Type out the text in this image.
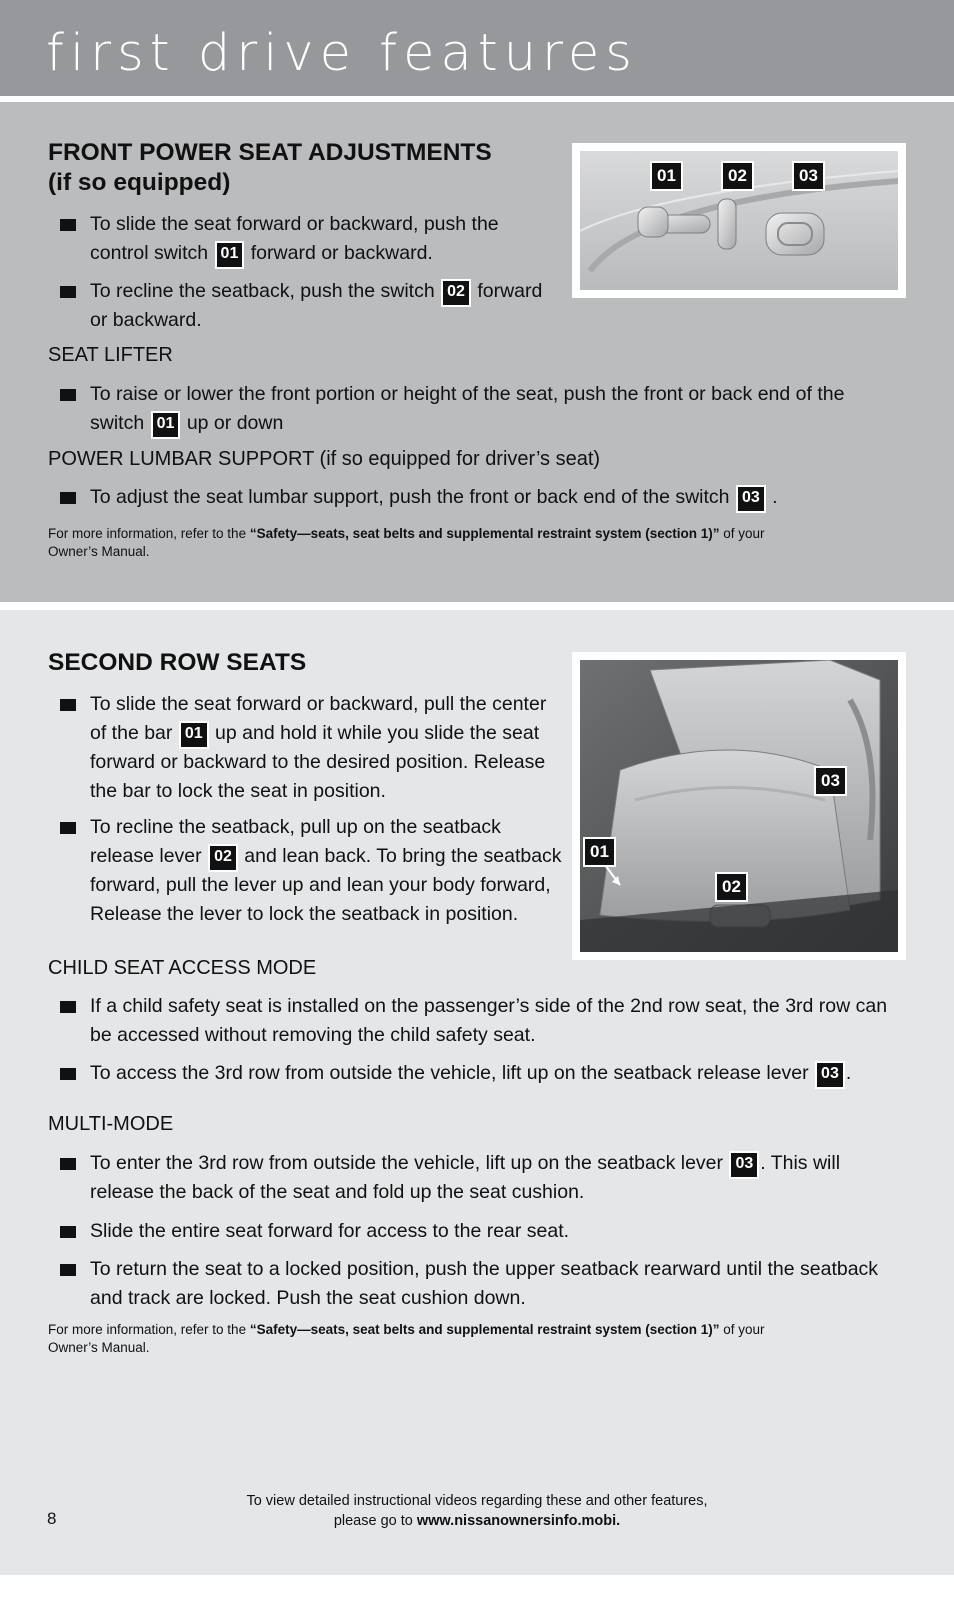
first drive features
FRONT POWER SEAT ADJUSTMENTS
(if so equipped)
To slide the seat forward or backward, push the
control switch 01 forward or backward.
To recline the seatback, push the switch 02 forward
or backward.
01	02	03
SEAT LIFTER
To raise or lower the front portion or height of the seat, push the front or back end of the
switch 01 up or down
POWER LUMBAR SUPPORT (if so equipped for driver’s seat)
To adjust the seat lumbar support, push the front or back end of the switch 03 .
For more information, refer to the “Safety—seats, seat belts and supplemental restraint system (section 1)” of your
Owner’s Manual.
SECOND ROW SEATS
To slide the seat forward or backward, pull the center
of the bar 01 up and hold it while you slide the seat
forward or backward to the desired position. Release
the bar to lock the seat in position.
To recline the seatback, pull up on the seatback
release lever 02 and lean back. To bring the seatback
forward, pull the lever up and lean your body forward,
Release the lever to lock the seatback in position.
03
01
02
CHILD SEAT ACCESS MODE
If a child safety seat is installed on the passenger’s side of the 2nd row seat, the 3rd row can
be accessed without removing the child safety seat.
To access the 3rd row from outside the vehicle, lift up on the seatback release lever 03 .
MULTI-MODE
To enter the 3rd row from outside the vehicle, lift up on the seatback lever 03 . This will
release the back of the seat and fold up the seat cushion.
Slide the entire seat forward for access to the rear seat.
To return the seat to a locked position, push the upper seatback rearward until the seatback
and track are locked. Push the seat cushion down.
For more information, refer to the “Safety—seats, seat belts and supplemental restraint system (section 1)” of your
Owner’s Manual.
To view detailed instructional videos regarding these and other features,
please go to www.nissanownersinfo.mobi.
8
